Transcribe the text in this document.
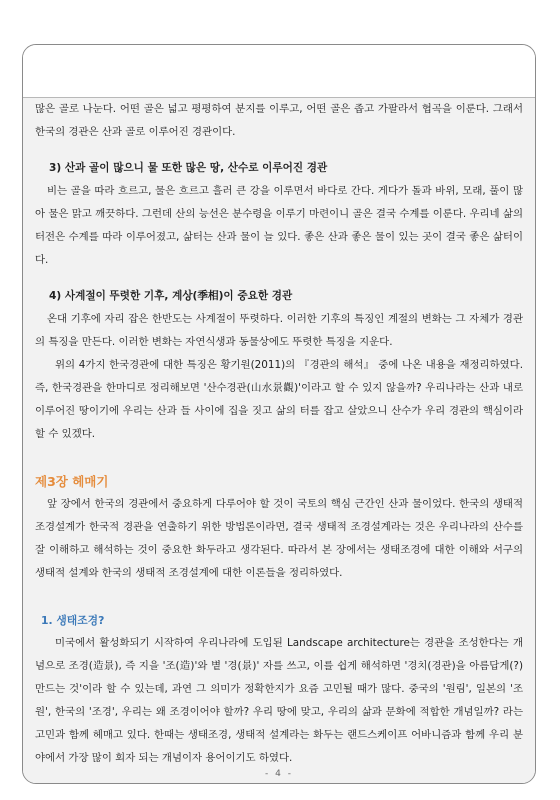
많은 골로 나눈다. 어떤 골은 넓고 평평하여 분지를 이루고, 어떤 골은 좁고 가팔라서 협곡을 이룬다. 그래서 한국의 경관은 산과 골로 이루어진 경관이다.

3) 산과 골이 많으니 물 또한 많은 땅, 산수로 이루어진 경관

비는 골을 따라 흐르고, 물은 흐르고 흘러 큰 강을 이루면서 바다로 간다. 게다가 돌과 바위, 모래, 풀이 많아 물은 맑고 깨끗하다. 그런데 산의 능선은 분수령을 이루기 마련이니 골은 결국 수계를 이룬다. 우리네 삶의 터전은 수계를 따라 이루어졌고, 삶터는 산과 물이 늘 있다. 좋은 산과 좋은 물이 있는 곳이 결국 좋은 삶터이다.

4) 사계절이 뚜렷한 기후, 계상(季相)이 중요한 경관

온대 기후에 자리 잡은 한반도는 사계절이 뚜렷하다. 이러한 기후의 특징인 계절의 변화는 그 자체가 경관의 특징을 만든다. 이러한 변화는 자연식생과 동물상에도 뚜렷한 특징을 지운다.

위의 4가지 한국경관에 대한 특징은 황기원(2011)의 『경관의 해석』 중에 나온 내용을 재정리하였다. 즉, 한국경관을 한마디로 정리해보면 '산수경관(山水景觀)'이라고 할 수 있지 않을까? 우리나라는 산과 내로 이루어진 땅이기에 우리는 산과 들 사이에 집을 짓고 삶의 터를 잡고 살았으니 산수가 우리 경관의 핵심이라 할 수 있겠다.

제3장 헤매기

앞 장에서 한국의 경관에서 중요하게 다루어야 할 것이 국토의 핵심 근간인 산과 물이었다. 한국의 생태적 조경설계가 한국적 경관을 연출하기 위한 방법론이라면, 결국 생태적 조경설계라는 것은 우리나라의 산수를 잘 이해하고 해석하는 것이 중요한 화두라고 생각된다. 따라서 본 장에서는 생태조경에 대한 이해와 서구의 생태적 설계와 한국의 생태적 조경설계에 대한 이론들을 정리하였다.

1. 생태조경?

미국에서 활성화되기 시작하여 우리나라에 도입된 Landscape architecture는 경관을 조성한다는 개념으로 조경(造景), 즉 지을 '조(造)'와 볕 '경(景)' 자를 쓰고, 이를 쉽게 해석하면 '경치(경관)을 아름답게(?) 만드는 것'이라 할 수 있는데, 과연 그 의미가 정확한지가 요즘 고민될 때가 많다. 중국의 '원림', 일본의 '조원', 한국의 '조경', 우리는 왜 조경이어야 할까? 우리 땅에 맞고, 우리의 삶과 문화에 적합한 개념일까? 라는 고민과 함께 헤매고 있다. 한때는 생태조경, 생태적 설계라는 화두는 랜드스케이프 어바니즘과 함께 우리 분야에서 가장 많이 회자 되는 개념이자 용어이기도 하였다.

- 4 -
